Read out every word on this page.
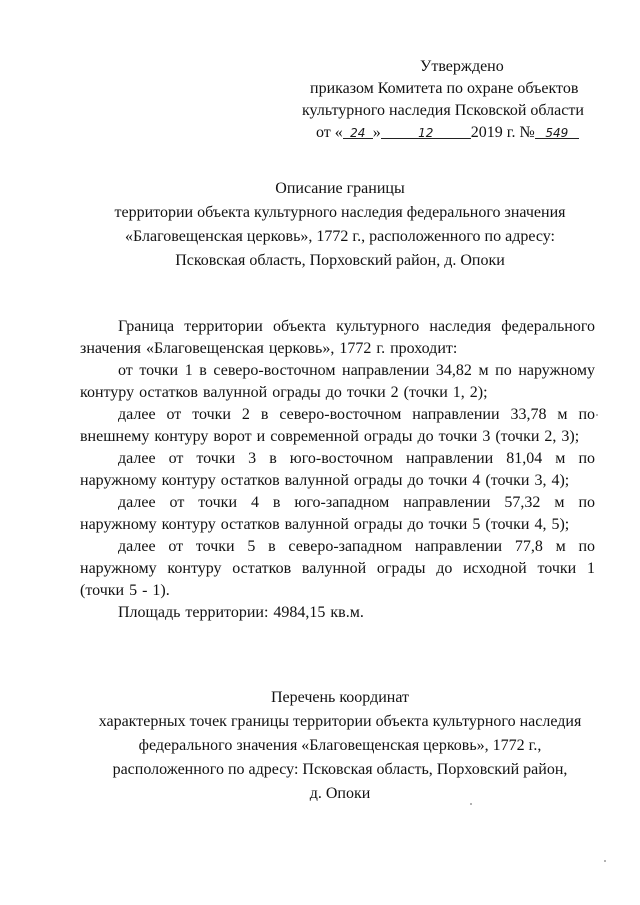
Утверждено
приказом Комитета по охране объектов
культурного наследия Псковской области
от « 24 »	12 2019 г. № 549
Описание границы
территории объекта культурного наследия федерального значения
«Благовещенская церковь», 1772 г., расположенного по адресу:
Псковская область, Порховский район, д. Опоки

Граница территории объекта культурного наследия федерального значения «Благовещенская церковь», 1772 г. проходит:

от точки 1 в северо-восточном направлении 34,82 м по наружному контуру остатков валунной ограды до точки 2 (точки 1, 2);

далее от точки 2 в северо-восточном направлении 33,78 м по внешнему контуру ворот и современной ограды до точки 3 (точки 2, 3);

далее от точки 3 в юго-восточном направлении 81,04 м по наружному контуру остатков валунной ограды до точки 4 (точки 3, 4);

далее от точки 4 в юго-западном направлении 57,32 м по наружному контуру остатков валунной ограды до точки 5 (точки 4, 5);

далее от точки 5 в северо-западном направлении 77,8 м по наружному контуру остатков валунной ограды до исходной точки 1 (точки 5 - 1).

Площадь территории: 4984,15 кв.м.

Перечень координат
характерных точек границы территории объекта культурного наследия
федерального значения «Благовещенская церковь», 1772 г.,
расположенного по адресу: Псковская область, Порховский район,
д. Опоки
